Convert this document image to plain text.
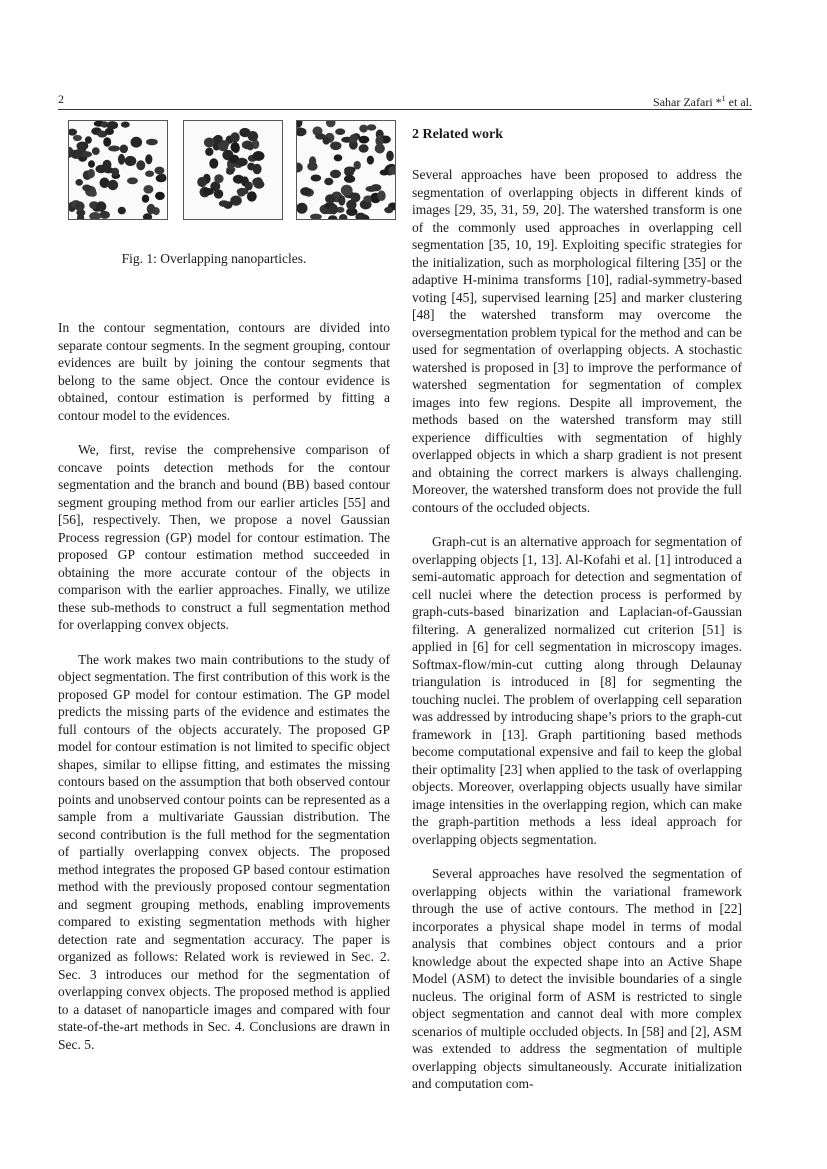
2	Sahar Zafari *$^1$ et al.
Fig. 1: Overlapping nanoparticles.

In the contour segmentation, contours are divided into separate contour segments. In the segment grouping, contour evidences are built by joining the contour segments that belong to the same object. Once the contour evidence is obtained, contour estimation is performed by fitting a contour model to the evidences.

We, first, revise the comprehensive comparison of concave points detection methods for the contour segmentation and the branch and bound (BB) based contour segment grouping method from our earlier articles [55] and [56], respectively. Then, we propose a novel Gaussian Process regression (GP) model for contour estimation. The proposed GP contour estimation method succeeded in obtaining the more accurate contour of the objects in comparison with the earlier approaches. Finally, we utilize these sub-methods to construct a full segmentation method for overlapping convex objects.

The work makes two main contributions to the study of object segmentation. The first contribution of this work is the proposed GP model for contour estimation. The GP model predicts the missing parts of the evidence and estimates the full contours of the objects accurately. The proposed GP model for contour estimation is not limited to specific object shapes, similar to ellipse fitting, and estimates the missing contours based on the assumption that both observed contour points and unobserved contour points can be represented as a sample from a multivariate Gaussian distribution. The second contribution is the full method for the segmentation of partially overlapping convex objects. The proposed method integrates the proposed GP based contour estimation method with the previously proposed contour segmentation and segment grouping methods, enabling improvements compared to existing segmentation methods with higher detection rate and segmentation accuracy. The paper is organized as follows: Related work is reviewed in Sec. 2. Sec. 3 introduces our method for the segmentation of overlapping convex objects. The proposed method is applied to a dataset of nanoparticle images and compared with four state-of-the-art methods in Sec. 4. Conclusions are drawn in Sec. 5.

2 Related work

Several approaches have been proposed to address the segmentation of overlapping objects in different kinds of images [29, 35, 31, 59, 20]. The watershed transform is one of the commonly used approaches in overlapping cell segmentation [35, 10, 19]. Exploiting specific strategies for the initialization, such as morphological filtering [35] or the adaptive H-minima transforms [10], radial-symmetry-based voting [45], supervised learning [25] and marker clustering [48] the watershed transform may overcome the oversegmentation problem typical for the method and can be used for segmentation of overlapping objects. A stochastic watershed is proposed in [3] to improve the performance of watershed segmentation for segmentation of complex images into few regions. Despite all improvement, the methods based on the watershed transform may still experience difficulties with segmentation of highly overlapped objects in which a sharp gradient is not present and obtaining the correct markers is always challenging. Moreover, the watershed transform does not provide the full contours of the occluded objects.

Graph-cut is an alternative approach for segmentation of overlapping objects [1, 13]. Al-Kofahi et al. [1] introduced a semi-automatic approach for detection and segmentation of cell nuclei where the detection process is performed by graph-cuts-based binarization and Laplacian-of-Gaussian filtering. A generalized normalized cut criterion [51] is applied in [6] for cell segmentation in microscopy images. Softmax-flow/min-cut cutting along through Delaunay triangulation is introduced in [8] for segmenting the touching nuclei. The problem of overlapping cell separation was addressed by introducing shape’s priors to the graph-cut framework in [13]. Graph partitioning based methods become computational expensive and fail to keep the global their optimality [23] when applied to the task of overlapping objects. Moreover, overlapping objects usually have similar image intensities in the overlapping region, which can make the graph-partition methods a less ideal approach for overlapping objects segmentation.

Several approaches have resolved the segmentation of overlapping objects within the variational framework through the use of active contours. The method in [22] incorporates a physical shape model in terms of modal analysis that combines object contours and a prior knowledge about the expected shape into an Active Shape Model (ASM) to detect the invisible boundaries of a single nucleus. The original form of ASM is restricted to single object segmentation and cannot deal with more complex scenarios of multiple occluded objects. In [58] and [2], ASM was extended to address the segmentation of multiple overlapping objects simultaneously. Accurate initialization and computation com-
